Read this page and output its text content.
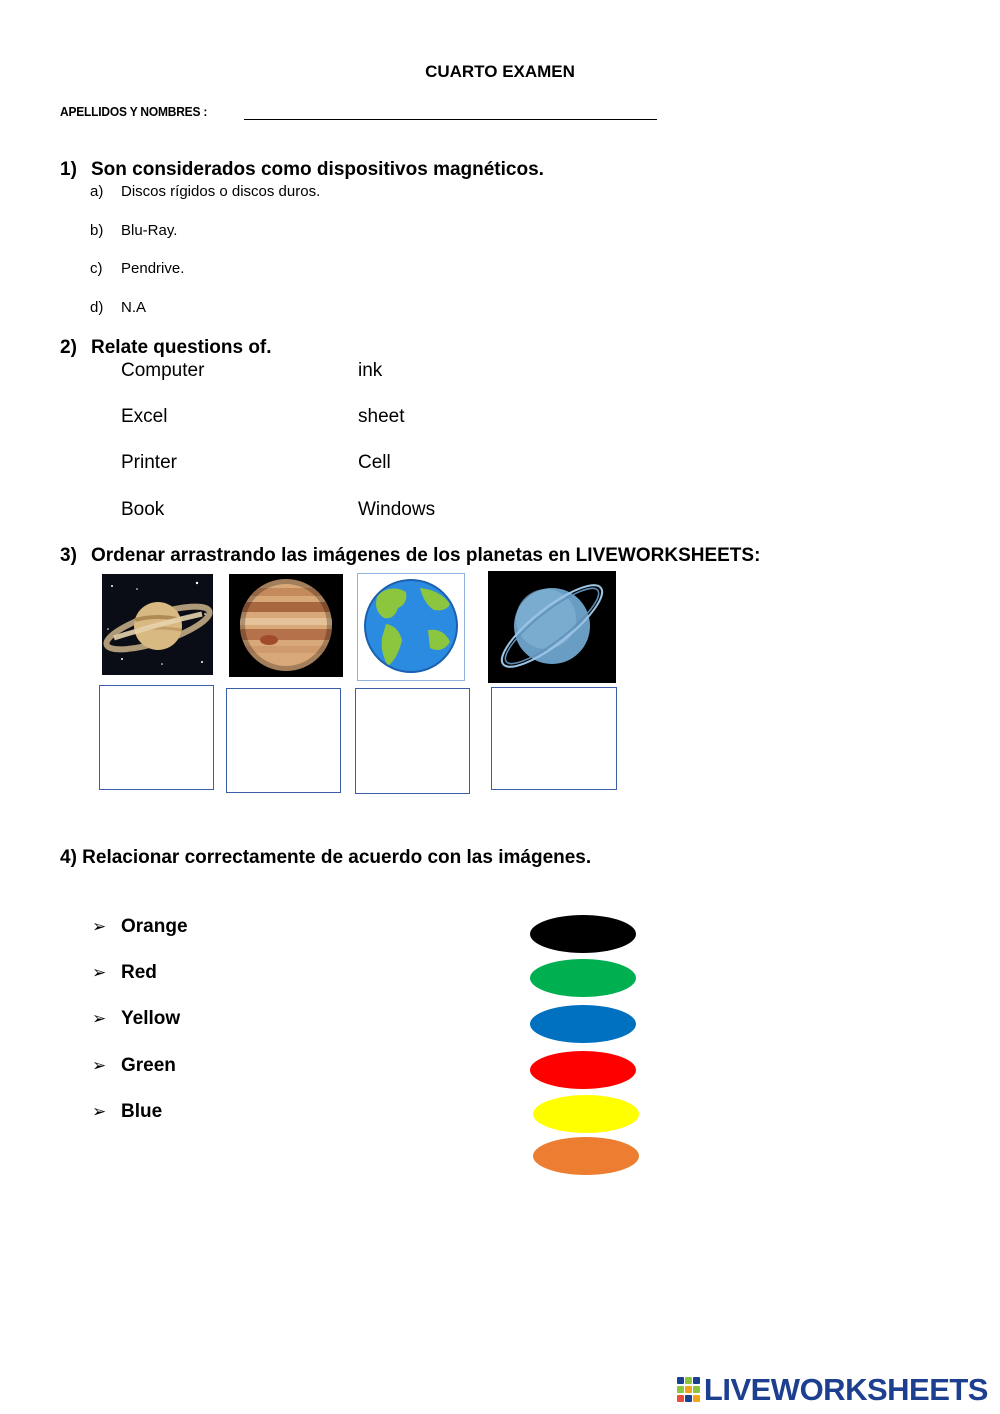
CUARTO EXAMEN
APELLIDOS Y NOMBRES :
1) Son considerados como dispositivos magnéticos.
a) Discos rígidos o discos duros.
b) Blu-Ray.
c) Pendrive.
d) N.A
2) Relate questions of.
Computer
Excel
Printer
Book
ink
sheet
Cell
Windows
3) Ordenar arrastrando las imágenes de los planetas en LIVEWORKSHEETS:
4) Relacionar correctamente de acuerdo con las imágenes.
➢ Orange
➢ Red
➢ Yellow
➢ Green
➢ Blue
LIVEWORKSHEETS
